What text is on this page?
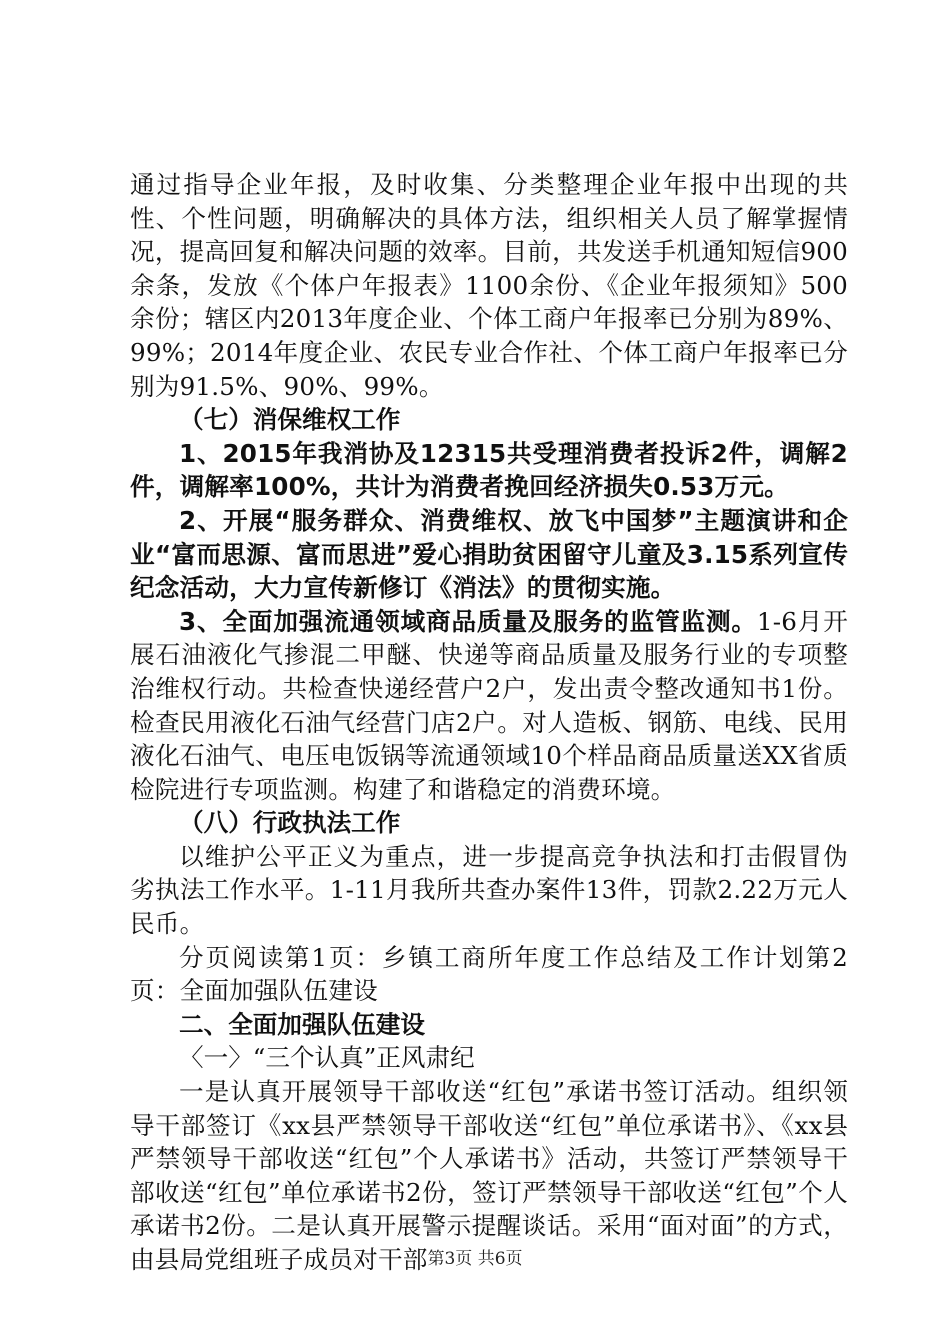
通过指导企业年报，及时收集、分类整理企业年报中出现的共性、个性问题，明确解决的具体方法，组织相关人员了解掌握情况，提高回复和解决问题的效率。目前，共发送手机通知短信900余条，发放《个体户年报表》1100余份、《企业年报须知》500余份；辖区内2013年度企业、个体工商户年报率已分别为89%、99%；2014年度企业、农民专业合作社、个体工商户年报率已分别为91.5%、90%、99%。

（七）消保维权工作

1、2015年我消协及12315共受理消费者投诉2件，调解2件，调解率100%，共计为消费者挽回经济损失0.53万元。

2、开展“服务群众、消费维权、放飞中国梦”主题演讲和企业“富而思源、富而思进”爱心捐助贫困留守儿童及3.15系列宣传纪念活动，大力宣传新修订《消法》的贯彻实施。

3、全面加强流通领域商品质量及服务的监管监测。1-6月开展石油液化气掺混二甲醚、快递等商品质量及服务行业的专项整治维权行动。共检查快递经营户2户，发出责令整改通知书1份。检查民用液化石油气经营门店2户。对人造板、钢筋、电线、民用液化石油气、电压电饭锅等流通领域10个样品商品质量送XX省质检院进行专项监测。构建了和谐稳定的消费环境。

（八）行政执法工作

以维护公平正义为重点，进一步提高竞争执法和打击假冒伪劣执法工作水平。1-11月我所共查办案件13件，罚款2.22万元人民币。

分页阅读第1页：乡镇工商所年度工作总结及工作计划第2页：全面加强队伍建设

二、全面加强队伍建设

〈一〉“三个认真”正风肃纪

一是认真开展领导干部收送“红包”承诺书签订活动。组织领导干部签订《xx县严禁领导干部收送“红包”单位承诺书》、《xx县严禁领导干部收送“红包”个人承诺书》活动，共签订严禁领导干部收送“红包”单位承诺书2份，签订严禁领导干部收送“红包”个人承诺书2份。二是认真开展警示提醒谈话。采用“面对面”的方式，由县局党组班子成员对干部 第3页 共6页
